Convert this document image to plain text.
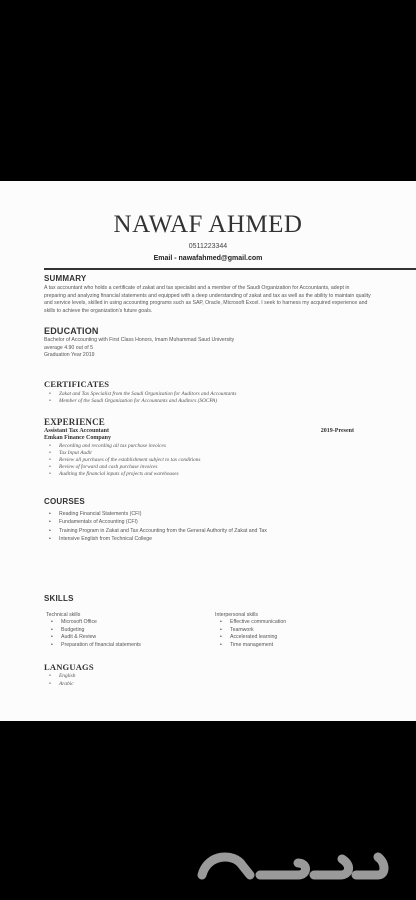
NAWAF AHMED
0511223344
Email - nawafahmed@gmail.com
SUMMARY
A tax accountant who holds a certificate of zakat and tax specialist and a member of the Saudi Organization for Accountants, adept in preparing and analyzing financial statements and equipped with a deep understanding of zakat and tax as well as the ability to maintain quality and service levels, skilled in using accounting programs such as SAP, Oracle, Microsoft Excel. I seek to harness my acquired experience and skills to achieve the organization's future goals.
EDUCATION
Bachelor of Accounting with First Class Honors, Imam Muhammad Saud University
average 4.90 out of 5
Graduation Year 2019
CERTIFICATES
• Zakat and Tax Specialist from the Saudi Organization for Auditors and Accountants
• Member of the Saudi Organization for Accountants and Auditors (SOCPA)
EXPERIENCE
Assistant Tax Accountant	2019-Present
Emkan Finance Company
• Recording and recording all tax purchase invoices
• Tax Input Audit
• Review all purchases of the establishment subject to tax conditions
• Review of forward and cash purchase invoices
• Auditing the financial inputs of projects and warehouses
COURSES
• Reading Financial Statements (CFI)
• Fundamentals of Accounting (CFI)
• Training Program in Zakat and Tax Accounting from the General Authority of Zakat and Tax
• Intensive English from Technical College
SKILLS
Technical skills
• Microsoft Office
• Budgeting
• Audit & Review
• Preparation of financial statements
Interpersonal skills
• Effective communication
• Teamwork
• Accelerated learning
• Time management
LANGUAGS
• English
• Arabic
